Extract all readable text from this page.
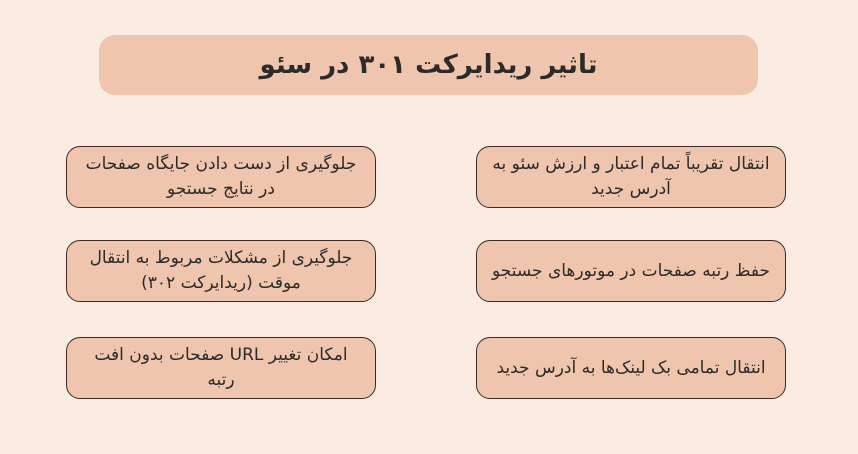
تاثیر ریدایرکت ۳۰۱ در سئو
انتقال تقریباً تمام اعتبار و ارزش سئو به آدرس جدید
جلوگیری از دست دادن جایگاه صفحات در نتایج جستجو
حفظ رتبه صفحات در موتورهای جستجو
جلوگیری از مشکلات مربوط به انتقال موقت (ریدایرکت ۳۰۲)
انتقال تمامی بک لینک‌ها به آدرس جدید
امکان تغییر URL صفحات بدون افت رتبه
